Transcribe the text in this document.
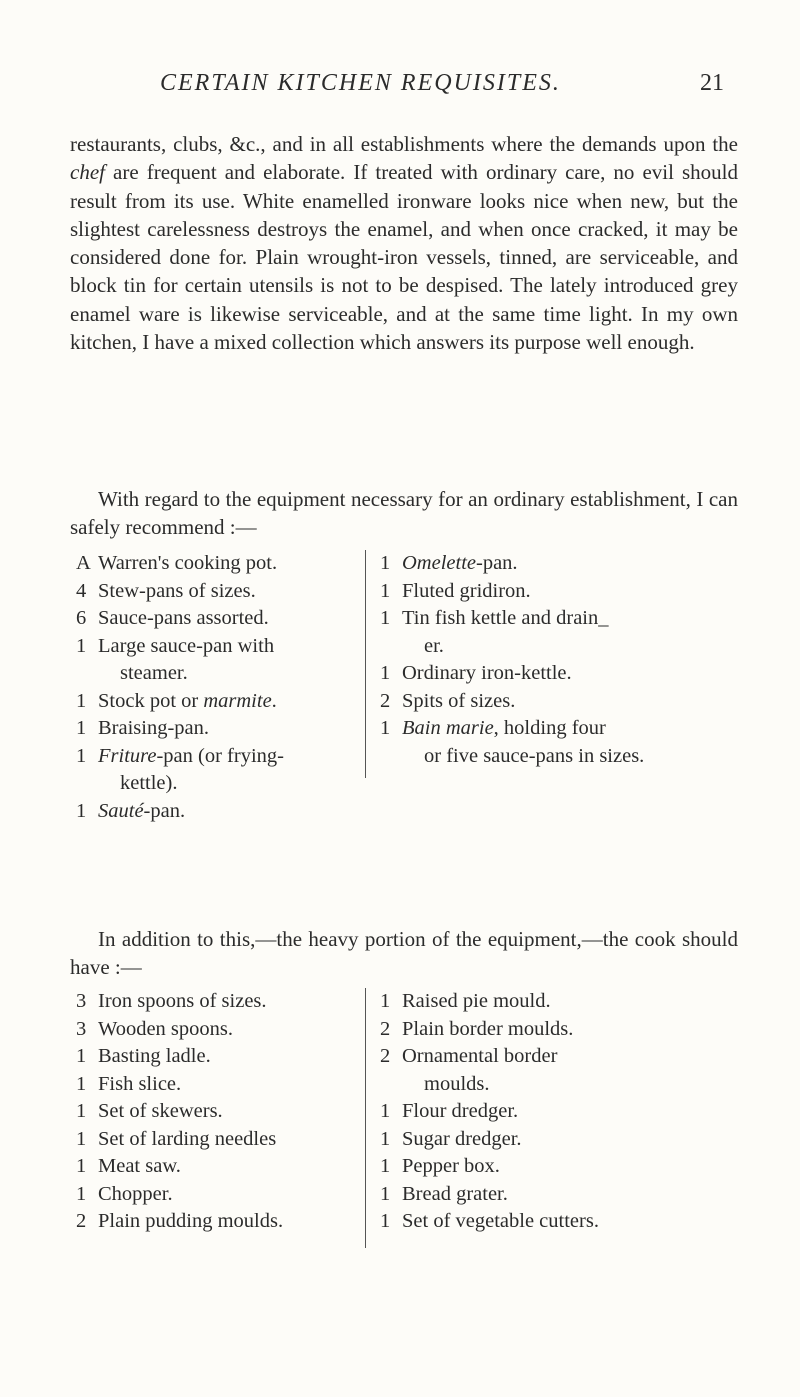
CERTAIN KITCHEN REQUISITES.	21

restaurants, clubs, &c., and in all establishments where the demands upon the chef are frequent and elaborate. If treated with ordinary care, no evil should result from its use. White enamelled ironware looks nice when new, but the slightest carelessness destroys the enamel, and when once cracked, it may be considered done for. Plain wrought-iron vessels, tinned, are serviceable, and block tin for certain utensils is not to be despised. The lately introduced grey enamel ware is likewise serviceable, and at the same time light. In my own kitchen, I have a mixed collection which answers its purpose well enough.

With regard to the equipment necessary for an ordinary establishment, I can safely recommend :—
A Warren's cooking pot.
4 Stew-pans of sizes.
6 Sauce-pans assorted.
1 Large sauce-pan with
steamer.
1 Stock pot or marmite.
1 Braising-pan.
1 Friture-pan (or frying-
kettle).
1 Sauté-pan.
1 Omelette-pan.
1 Fluted gridiron.
1 Tin fish kettle and drain_
er.
1 Ordinary iron-kettle.
2 Spits of sizes.
1 Bain marie, holding four
or five sauce-pans in sizes.
In addition to this,—the heavy portion of the equipment,—the cook should have :—
3 Iron spoons of sizes.
3 Wooden spoons.
1 Basting ladle.
1 Fish slice.
1 Set of skewers.
1 Set of larding needles
1 Meat saw.
1 Chopper.
2 Plain pudding moulds.
1 Raised pie mould.
2 Plain border moulds.
2 Ornamental border
moulds.
1 Flour dredger.
1 Sugar dredger.
1 Pepper box.
1 Bread grater.
1 Set of vegetable cutters.
